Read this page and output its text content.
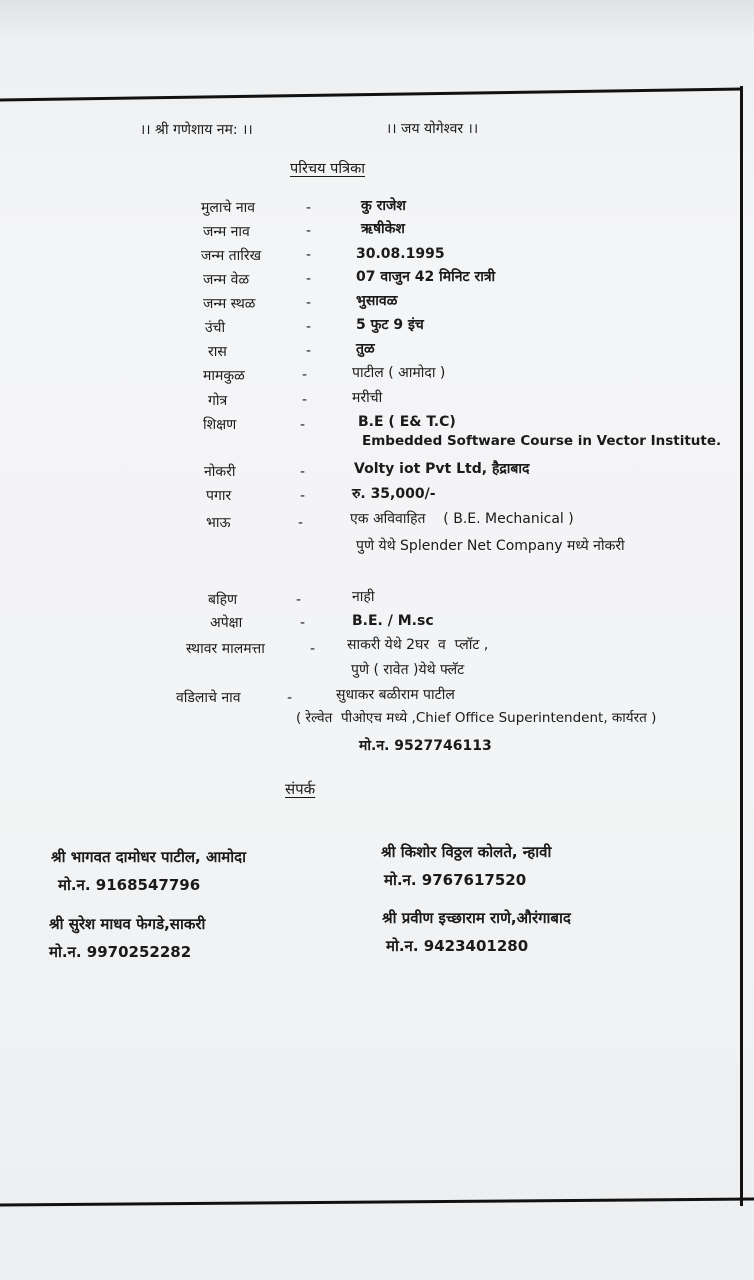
।। श्री गणेशाय नम: ।।	।। जय योगेश्वर ।।
परिचय पत्रिका
मुलाचे नाव	-	कु राजेश
जन्म नाव	-	ऋषीकेश
जन्म तारिख	-	30.08.1995
जन्म वेळ	-	07 वाजुन 42 मिनिट रात्री
जन्म स्थळ	-	भुसावळ
उंची	-	5 फुट 9 इंच
रास	-	तुळ
मामकुळ	-	पाटील ( आमोदा )
गोत्र	-	मरीची
शिक्षण	-	B.E ( E& T.C)
Embedded Software Course in Vector Institute.
नोकरी	-	Volty iot Pvt Ltd, हैद्राबाद
पगार	-	रु. 35,000/-
भाऊ	-	एक अविवाहित    ( B.E. Mechanical )
पुणे येथे Splender Net Company मध्ये नोकरी
बहिण	-	नाही
अपेक्षा	-	B.E. / M.sc
स्थावर मालमत्ता	- साकरी येथे 2घर  व  प्लॉट ,
पुणे ( रावेत )येथे फ्लॅट
वडिलाचे नाव	-	सुधाकर बळीराम पाटील
( रेल्वेत  पीओएच मध्ये ,Chief Office Superintendent, कार्यरत )
मो.न. 9527746113
संपर्क
श्री भागवत दामोधर पाटील, आमोदा
मो.न. 9168547796
श्री किशोर विठ्ठल कोलते, न्हावी
मो.न. 9767617520
श्री सुरेश माधव फेगडे,साकरी
मो.न. 9970252282
श्री प्रवीण इच्छाराम राणे,औरंगाबाद
मो.न. 9423401280
